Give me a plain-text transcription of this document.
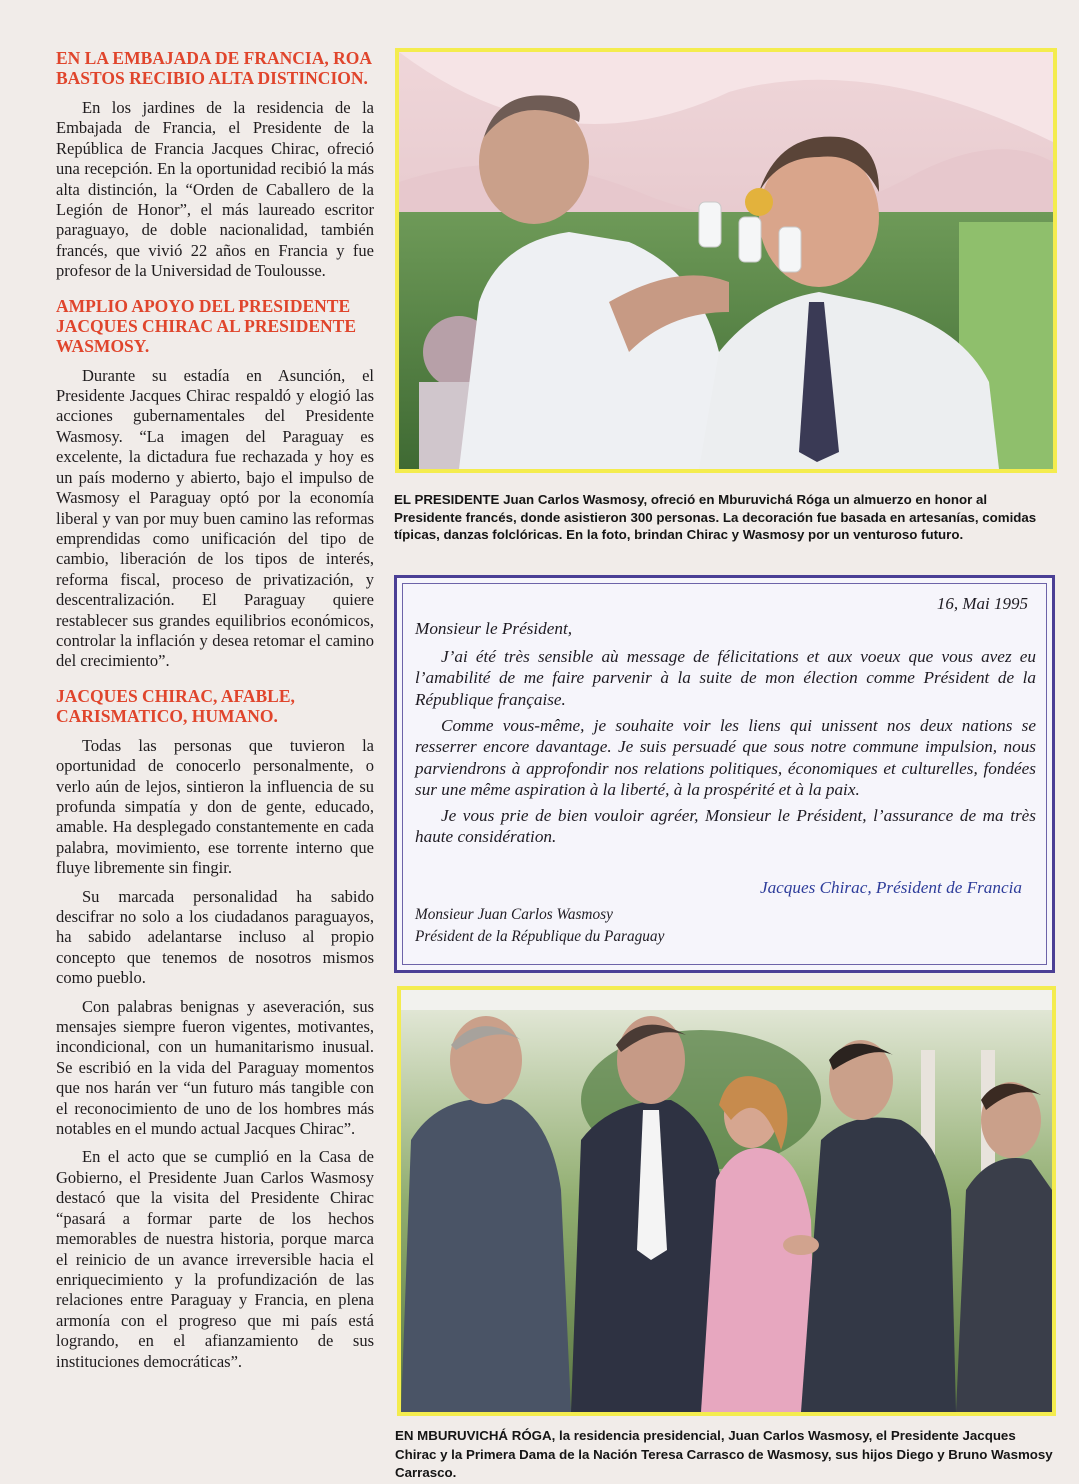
EN LA EMBAJADA DE FRANCIA, ROA BASTOS RECIBIO ALTA DISTINCION.

En los jardines de la residencia de la Embajada de Francia, el Presidente de la República de Francia Jacques Chirac, ofreció una recepción. En la oportunidad recibió la más alta distinción, la “Orden de Caballero de la Legión de Honor”, el más laureado escritor paraguayo, de doble nacionalidad, también francés, que vivió 22 años en Francia y fue profesor de la Universidad de Toulousse.

AMPLIO APOYO DEL PRESIDENTE JACQUES CHIRAC AL PRESIDENTE WASMOSY.

Durante su estadía en Asunción, el Presidente Jacques Chirac respaldó y elogió las acciones gubernamentales del Presidente Wasmosy. “La imagen del Paraguay es excelente, la dictadura fue rechazada y hoy es un país moderno y abierto, bajo el impulso de Wasmosy el Paraguay optó por la economía liberal y van por muy buen camino las reformas emprendidas como unificación del tipo de cambio, liberación de los tipos de interés, reforma fiscal, proceso de privatización, y descentralización. El Paraguay quiere restablecer sus grandes equilibrios económicos, controlar la inflación y desea retomar el camino del crecimiento”.

JACQUES CHIRAC, AFABLE, CARISMATICO, HUMANO.

Todas las personas que tuvieron la oportunidad de conocerlo personalmente, o verlo aún de lejos, sintieron la influencia de su profunda simpatía y don de gente, educado, amable. Ha desplegado constantemente en cada palabra, movimiento, ese torrente interno que fluye libremente sin fingir.

Su marcada personalidad ha sabido descifrar no solo a los ciudadanos paraguayos, ha sabido adelantarse incluso al propio concepto que tenemos de nosotros mismos como pueblo.

Con palabras benignas y aseveración, sus mensajes siempre fueron vigentes, motivantes, incondicional, con un humanitarismo inusual. Se escribió en la vida del Paraguay momentos que nos harán ver “un futuro más tangible con el reconocimiento de uno de los hombres más notables en el mundo actual Jacques Chirac”.

En el acto que se cumplió en la Casa de Gobierno, el Presidente Juan Carlos Wasmosy destacó que la visita del Presidente Chirac “pasará a formar parte de los hechos memorables de nuestra historia, porque marca el reinicio de un avance irreversible hacia el enriquecimiento y la profundización de las relaciones entre Paraguay y Francia, en plena armonía con el progreso que mi país está logrando, en el afianzamiento de sus instituciones democráticas”.

EL PRESIDENTE Juan Carlos Wasmosy, ofreció en Mburuvichá Róga un almuerzo en honor al Presidente francés, donde asistieron 300 personas. La decoración fue basada en artesanías, comidas típicas, danzas folclóricas. En la foto, brindan Chirac y Wasmosy por un venturoso futuro.
16, Mai 1995
Monsieur le Président,

J’ai été très sensible aù message de félicitations et aux voeux que vous avez eu l’amabilité de me faire parvenir à la suite de mon élection comme Président de la République française.

Comme vous-même, je souhaite voir les liens qui unissent nos deux nations se resserrer encore davantage. Je suis persuadé que sous notre commune impulsion, nous parviendrons à approfondir nos relations politiques, économiques et culturelles, fondées sur une même aspiration à la liberté, à la prospérité et à la paix.

Je vous prie de bien vouloir agréer, Monsieur le Président, l’assurance de ma très haute considération.

Jacques Chirac, Président de Francia
Monsieur Juan Carlos Wasmosy
Président de la République du Paraguay
EN MBURUVICHÁ RÓGA, la residencia presidencial, Juan Carlos Wasmosy, el Presidente Jacques Chirac y la Primera Dama de la Nación Teresa Carrasco de Wasmosy, sus hijos Diego y Bruno Wasmosy Carrasco.
